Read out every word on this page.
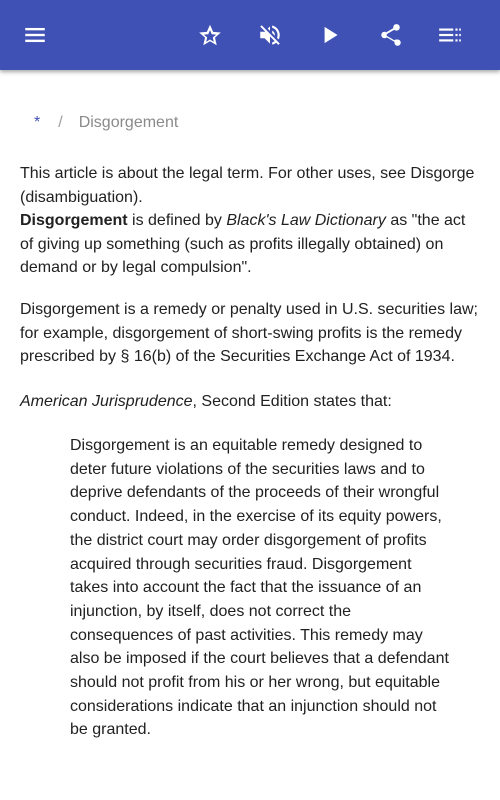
* / Disgorgement
This article is about the legal term. For other uses, see Disgorge (disambiguation).
Disgorgement is defined by Black's Law Dictionary as "the act of giving up something (such as profits illegally obtained) on demand or by legal compulsion".
Disgorgement is a remedy or penalty used in U.S. securities law; for example, disgorgement of short-swing profits is the remedy prescribed by § 16(b) of the Securities Exchange Act of 1934.
American Jurisprudence, Second Edition states that:
Disgorgement is an equitable remedy designed to deter future violations of the securities laws and to deprive defendants of the proceeds of their wrongful conduct. Indeed, in the exercise of its equity powers, the district court may order disgorgement of profits acquired through securities fraud. Disgorgement takes into account the fact that the issuance of an injunction, by itself, does not correct the consequences of past activities. This remedy may also be imposed if the court believes that a defendant should not profit from his or her wrong, but equitable considerations indicate that an injunction should not be granted.
